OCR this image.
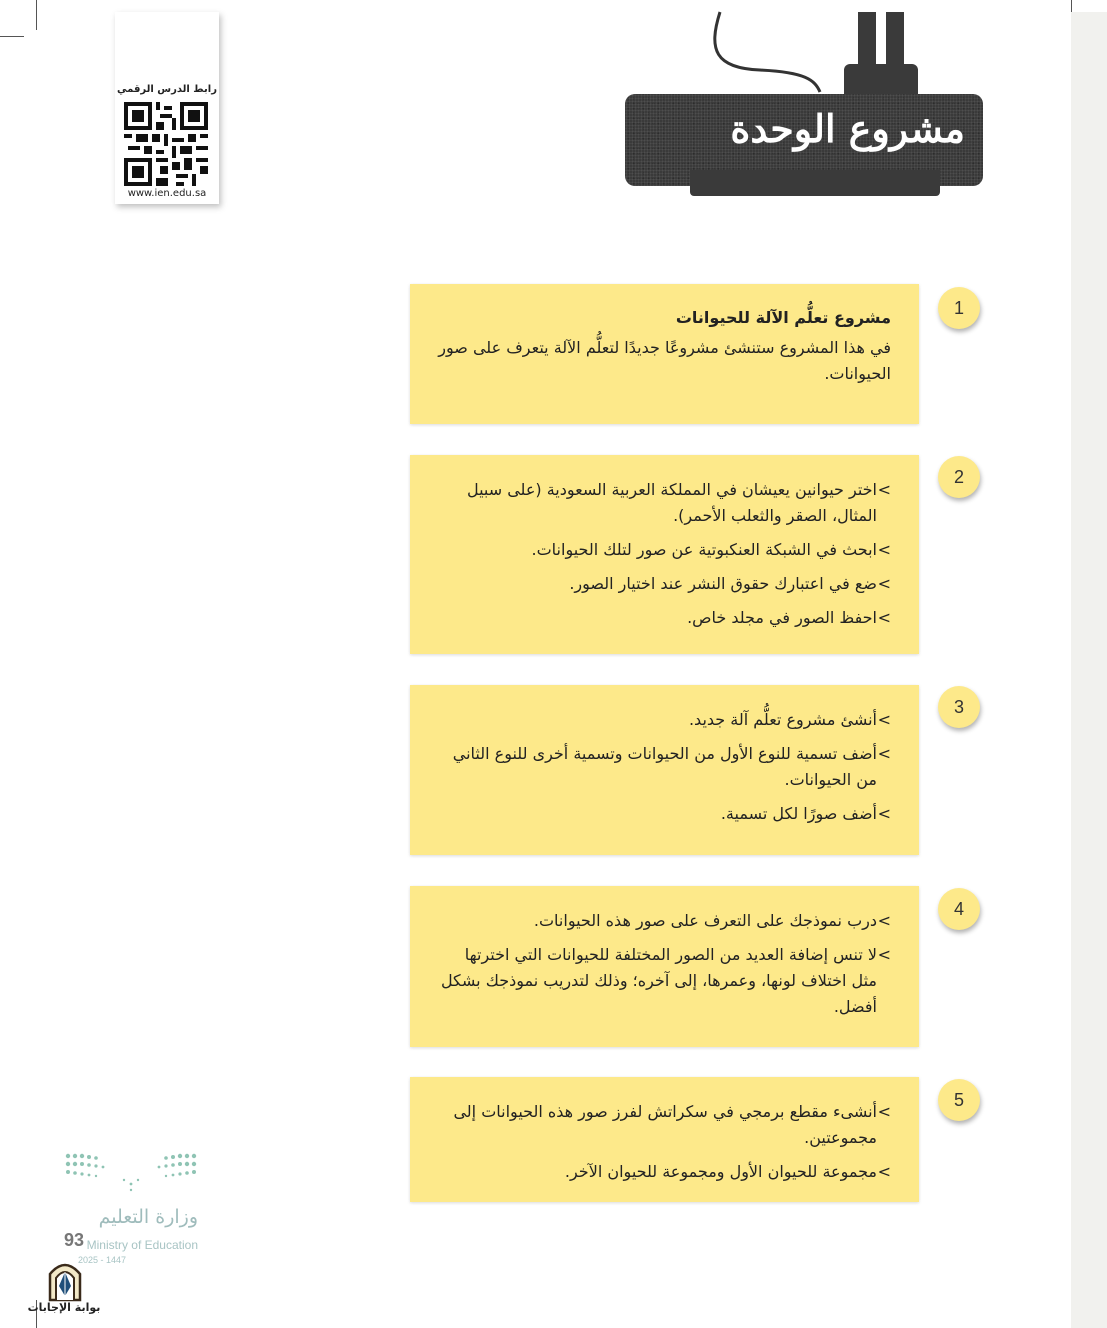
رابط الدرس الرقمي
www.ien.edu.sa
مشروع الوحدة
1
مشروع تعلُّم الآلة للحيوانات

في هذا المشروع ستنشئ مشروعًا جديدًا لتعلُّم الآلة يتعرف على صور الحيوانات.

2
> اختر حيوانين يعيشان في المملكة العربية السعودية (على سبيل المثال، الصقر والثعلب الأحمر).
> ابحث في الشبكة العنكبوتية عن صور لتلك الحيوانات.
> ضع في اعتبارك حقوق النشر عند اختيار الصور.
> احفظ الصور في مجلد خاص.
3
> أنشئ مشروع تعلُّم آلة جديد.
> أضف تسمية للنوع الأول من الحيوانات وتسمية أخرى للنوع الثاني من الحيوانات.
> أضف صورًا لكل تسمية.
4
> درب نموذجك على التعرف على صور هذه الحيوانات.
> لا تنس إضافة العديد من الصور المختلفة للحيوانات التي اخترتها مثل اختلاف لونها، وعمرها، إلى آخره؛ وذلك لتدريب نموذجك بشكل أفضل.
5
> أنشىء مقطع برمجي في سكراتش لفرز صور هذه الحيوانات إلى مجموعتين.
> مجموعة للحيوان الأول ومجموعة للحيوان الآخر.
وزارة التعليم
Ministry of Education
2025 - 1447
93
بوابة الإجابات
